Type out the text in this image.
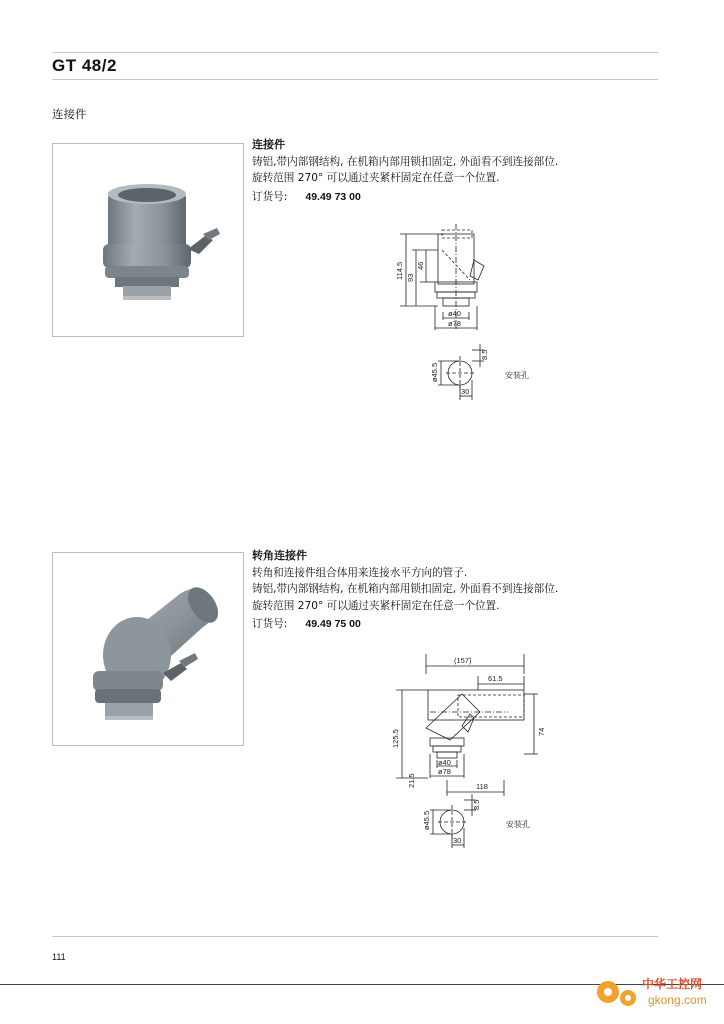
GT 48/2
连接件
连接件
铸铝,带内部钢结构, 在机箱内部用锁扣固定, 外面看不到连接部位.
旋转范围 270° 可以通过夹紧杆固定在任意一个位置.
订货号: 49.49 73 00
114.5 93
46
ø40
ø78
ø45.5
8.5
30
安装孔
转角连接件
转角和连接件组合体用来连接水平方向的管子.
铸铝,带内部钢结构, 在机箱内部用锁扣固定, 外面看不到连接部位.
旋转范围 270° 可以通过夹紧杆固定在任意一个位置.
订货号: 49.49 75 00
(157)
61.5
125.5	74
ø40
ø78
21.5	118
ø45.5
8.5
30
安装孔
111
中华工控网
gkong.com
